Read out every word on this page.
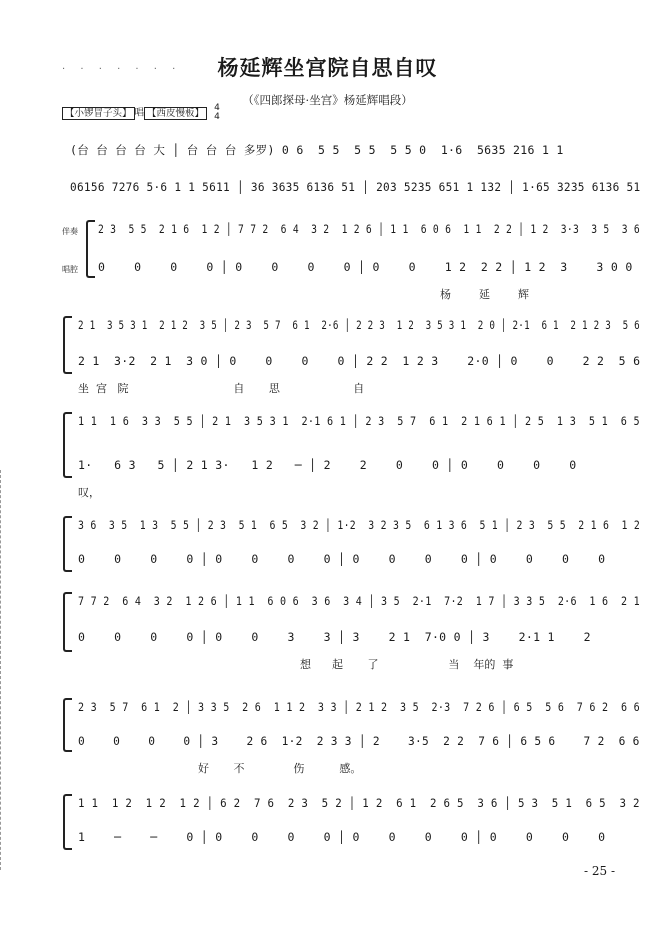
· · · · · · ·	杨延辉坐宫院自思自叹
（《四郎探母·坐宫》杨延辉唱段）
【小锣冒子头】 唱 【西皮慢板】 4
4
(台 台 台 台 大 │ 台 台 台 多罗) 0 6  5 5  5 5  5 5 0  1·6  5635 216 1 1
06156 7276 5·6 1 1 5611 │ 36 3635 6136 51 │ 203 5235 651 1 132 │ 1·65 3235 6136 51
伴奏
唱腔
2 3  5 5  2 1 6  1 2 │ 7 7 2  6 4  3 2  1 2 6 │ 1 1  6 0 6  1 1  2 2 │ 1 2  3·3  3 5  3 6
0    0    0    0 │ 0    0    0    0 │ 0    0    1 2  2 2 │ 1 2  3    3 0 0
杨        延        辉
2 1  3 5 3 1  2 1 2  3 5 │ 2 3  5 7  6 1  2·6 │ 2 2 3  1 2  3 5 3 1  2 0 │ 2·1  6 1  2 1 2 3  5 6
2 1  3·2  2 1  3 0 │ 0    0    0    0 │ 2 2  1 2 3    2·0 │ 0    0    2 2  5 6
坐  宫   院                              自       思                     自
1 1  1 6  3 3  5 5 │ 2 1  3 5 3 1  2·1 6 1 │ 2 3  5 7  6 1  2 1 6 1 │ 2 5  1 3  5 1  6 5
1·   6 3   5 │ 2 1 3·   1 2   ─ │ 2    2    0    0 │ 0    0    0    0
叹，
3 6  3 5  1 3  5 5 │ 2 3  5 1  6 5  3 2 │ 1·2  3 2 3 5  6 1 3 6  5 1 │ 2 3  5 5  2 1 6  1 2
0    0    0    0 │ 0    0    0    0 │ 0    0    0    0 │ 0    0    0    0
7 7 2  6 4  3 2  1 2 6 │ 1 1  6 0 6  3 6  3 4 │ 3 5  2·1  7·2  1 7 │ 3 3 5  2·6  1 6  2 1
0    0    0    0 │ 0    0    3    3 │ 3    2 1  7·0 0 │ 3    2·1 1    2
想      起       了                    当    年的  事
2 3  5 7  6 1  2 │ 3 3 5  2 6  1 1 2  3 3 │ 2 1 2  3 5  2·3  7 2 6 │ 6 5  5 6  7 6 2  6 6
0    0    0    0 │ 3    2 6  1·2  2 3 3 │ 2    3·5  2 2  7 6 │ 6 5 6    7 2  6 6
好       不              伤          感。
1 1  1 2  1 2  1 2 │ 6 2  7 6  2 3  5 2 │ 1 2  6 1  2 6 5  3 6 │ 5 3  5 1  6 5  3 2
1    ─    ─    0 │ 0    0    0    0 │ 0    0    0    0 │ 0    0    0    0
- 25 -
